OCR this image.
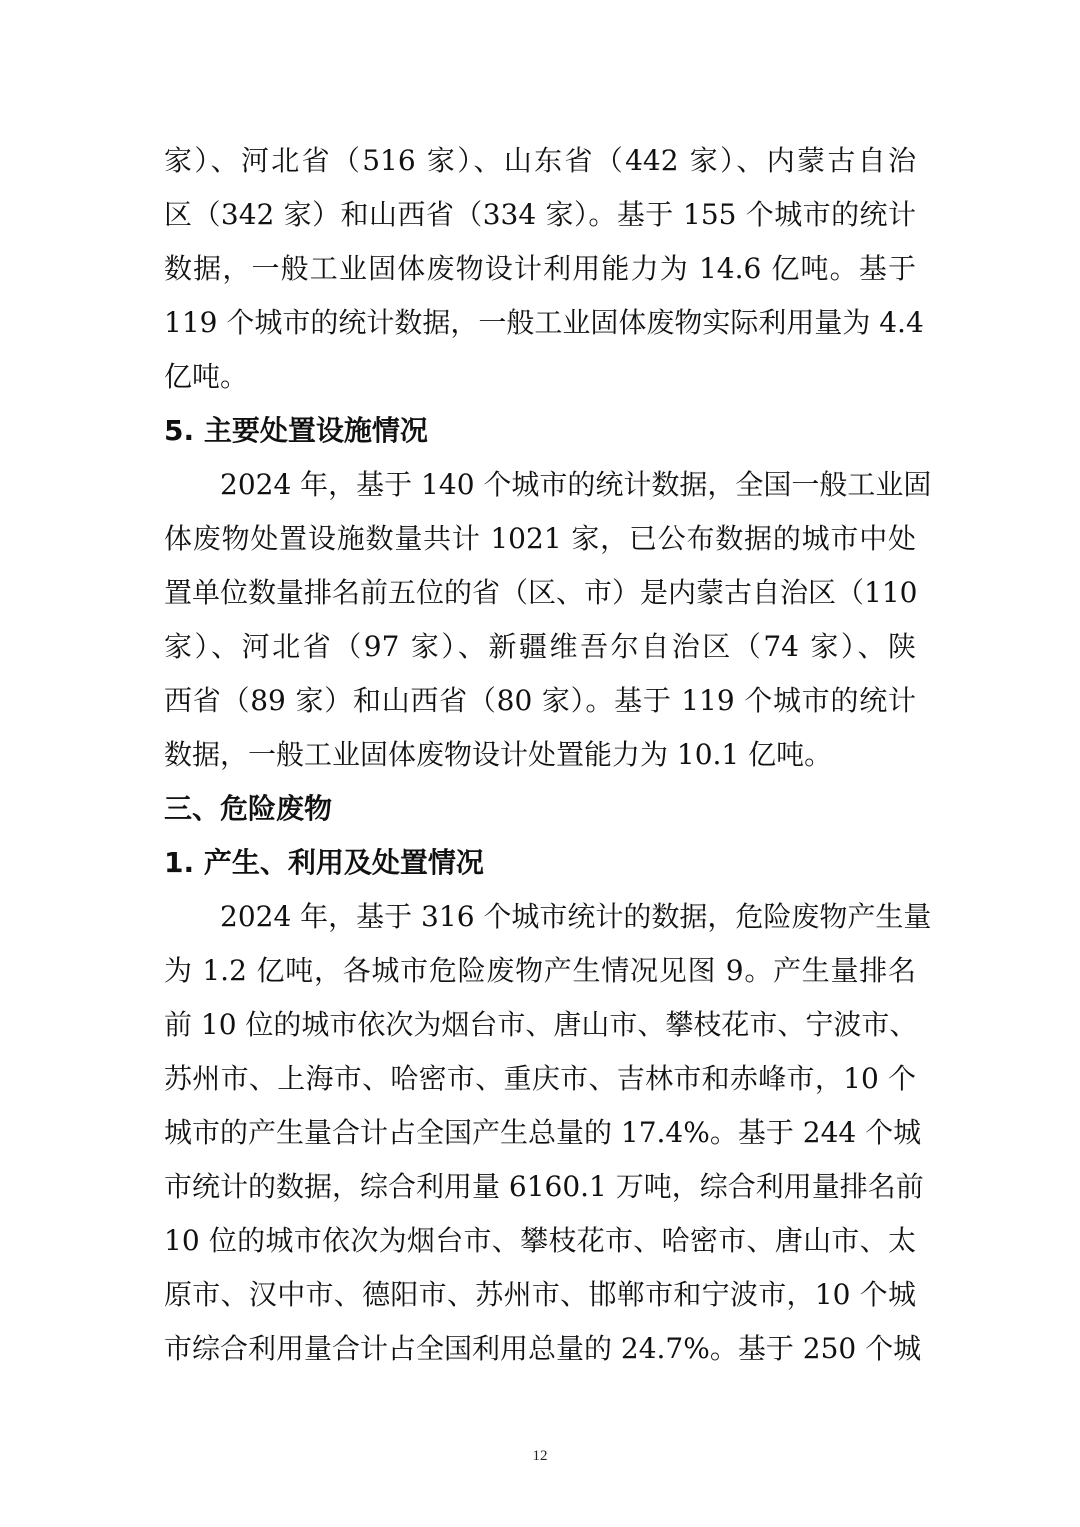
家）、河北省（516 家）、山东省（442 家）、内蒙古自治
区（342 家）和山西省（334 家）。基于 155 个城市的统计
数据，一般工业固体废物设计利用能力为 14.6 亿吨。基于
119 个城市的统计数据，一般工业固体废物实际利用量为 4.4
亿吨。
5. 主要处置设施情况
2024 年，基于 140 个城市的统计数据，全国一般工业固
体废物处置设施数量共计 1021 家，已公布数据的城市中处
置单位数量排名前五位的省（区、市）是内蒙古自治区（110
家）、河北省（97 家）、新疆维吾尔自治区（74 家）、陕
西省（89 家）和山西省（80 家）。基于 119 个城市的统计
数据，一般工业固体废物设计处置能力为 10.1 亿吨。
三、危险废物
1. 产生、利用及处置情况
2024 年，基于 316 个城市统计的数据，危险废物产生量
为 1.2 亿吨，各城市危险废物产生情况见图 9。产生量排名
前 10 位的城市依次为烟台市、唐山市、攀枝花市、宁波市、
苏州市、上海市、哈密市、重庆市、吉林市和赤峰市，10 个
城市的产生量合计占全国产生总量的 17.4%。基于 244 个城
市统计的数据，综合利用量 6160.1 万吨，综合利用量排名前
10 位的城市依次为烟台市、攀枝花市、哈密市、唐山市、太
原市、汉中市、德阳市、苏州市、邯郸市和宁波市，10 个城
市综合利用量合计占全国利用总量的 24.7%。基于 250 个城
12
